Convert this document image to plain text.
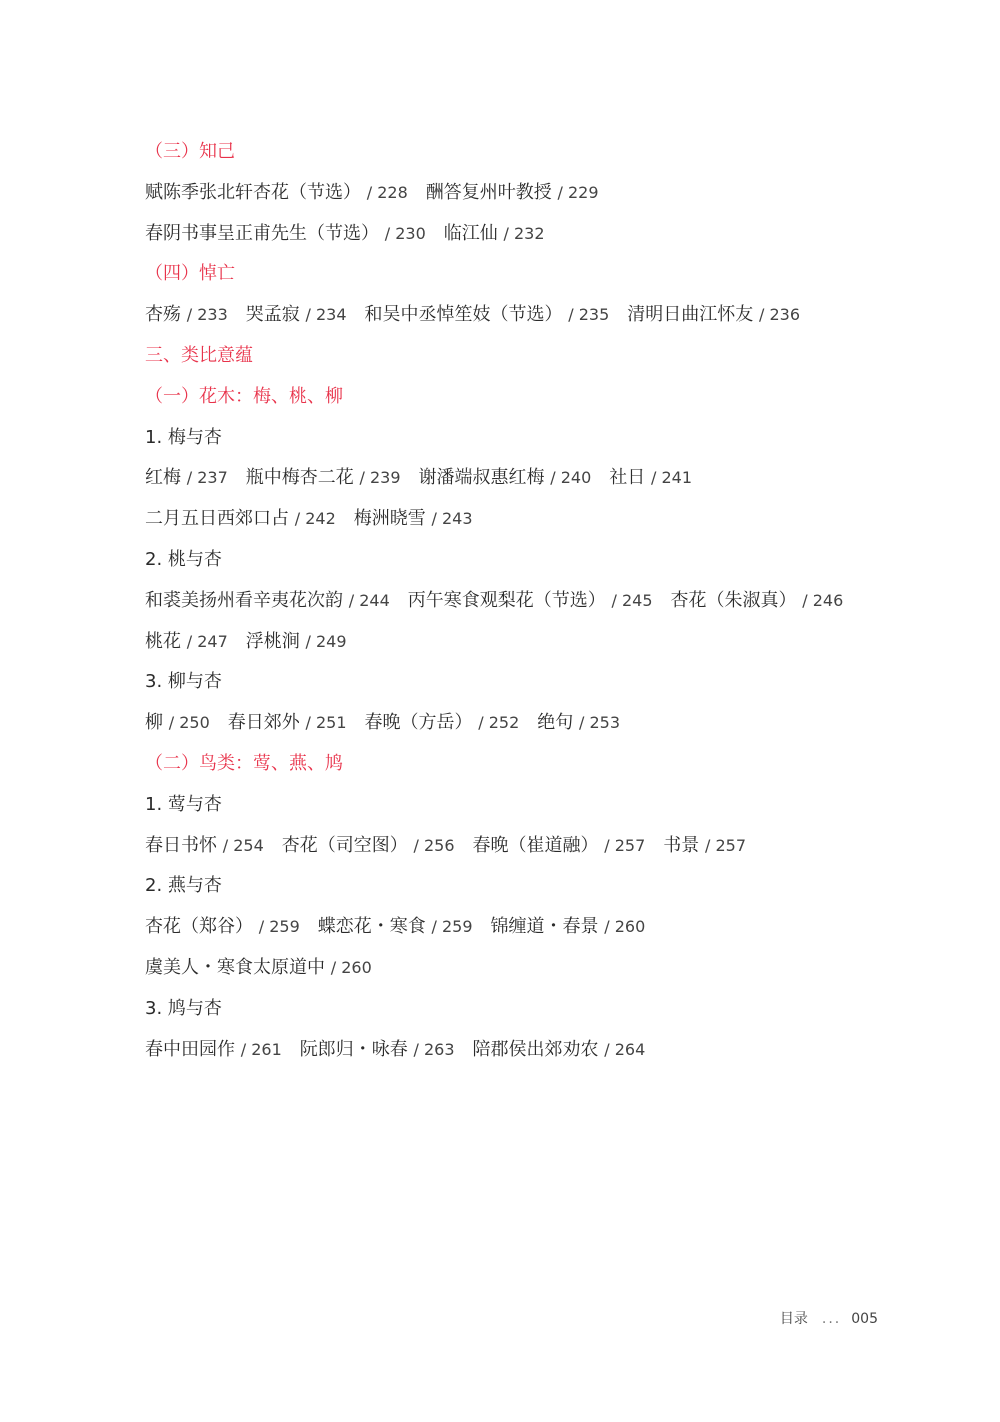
（三）知己
赋陈季张北轩杏花（节选） / 228 酬答复州叶教授 / 229
春阴书事呈正甫先生（节选） / 230 临江仙 / 232
（四）悼亡
杏殇 / 233 哭孟寂 / 234 和吴中丞悼笙妓（节选） / 235 清明日曲江怀友 / 236
三、类比意蕴
（一）花木：梅、桃、柳
1. 梅与杏
红梅 / 237 瓶中梅杏二花 / 239 谢潘端叔惠红梅 / 240 社日 / 241
二月五日西郊口占 / 242 梅洲晓雪 / 243
2. 桃与杏
和裘美扬州看辛夷花次韵 / 244 丙午寒食观梨花（节选） / 245 杏花（朱淑真） / 246
桃花 / 247 浮桃涧 / 249
3. 柳与杏
柳 / 250 春日郊外 / 251 春晚（方岳） / 252 绝句 / 253
（二）鸟类：莺、燕、鸠
1. 莺与杏
春日书怀 / 254 杏花（司空图） / 256 春晚（崔道融） / 257 书景 / 257
2. 燕与杏
杏花（郑谷） / 259 蝶恋花・寒食 / 259 锦缠道・春景 / 260
虞美人・寒食太原道中 / 260
3. 鸠与杏
春中田园作 / 261 阮郎归・咏春 / 263 陪郡侯出郊劝农 / 264
目录 ... 005
